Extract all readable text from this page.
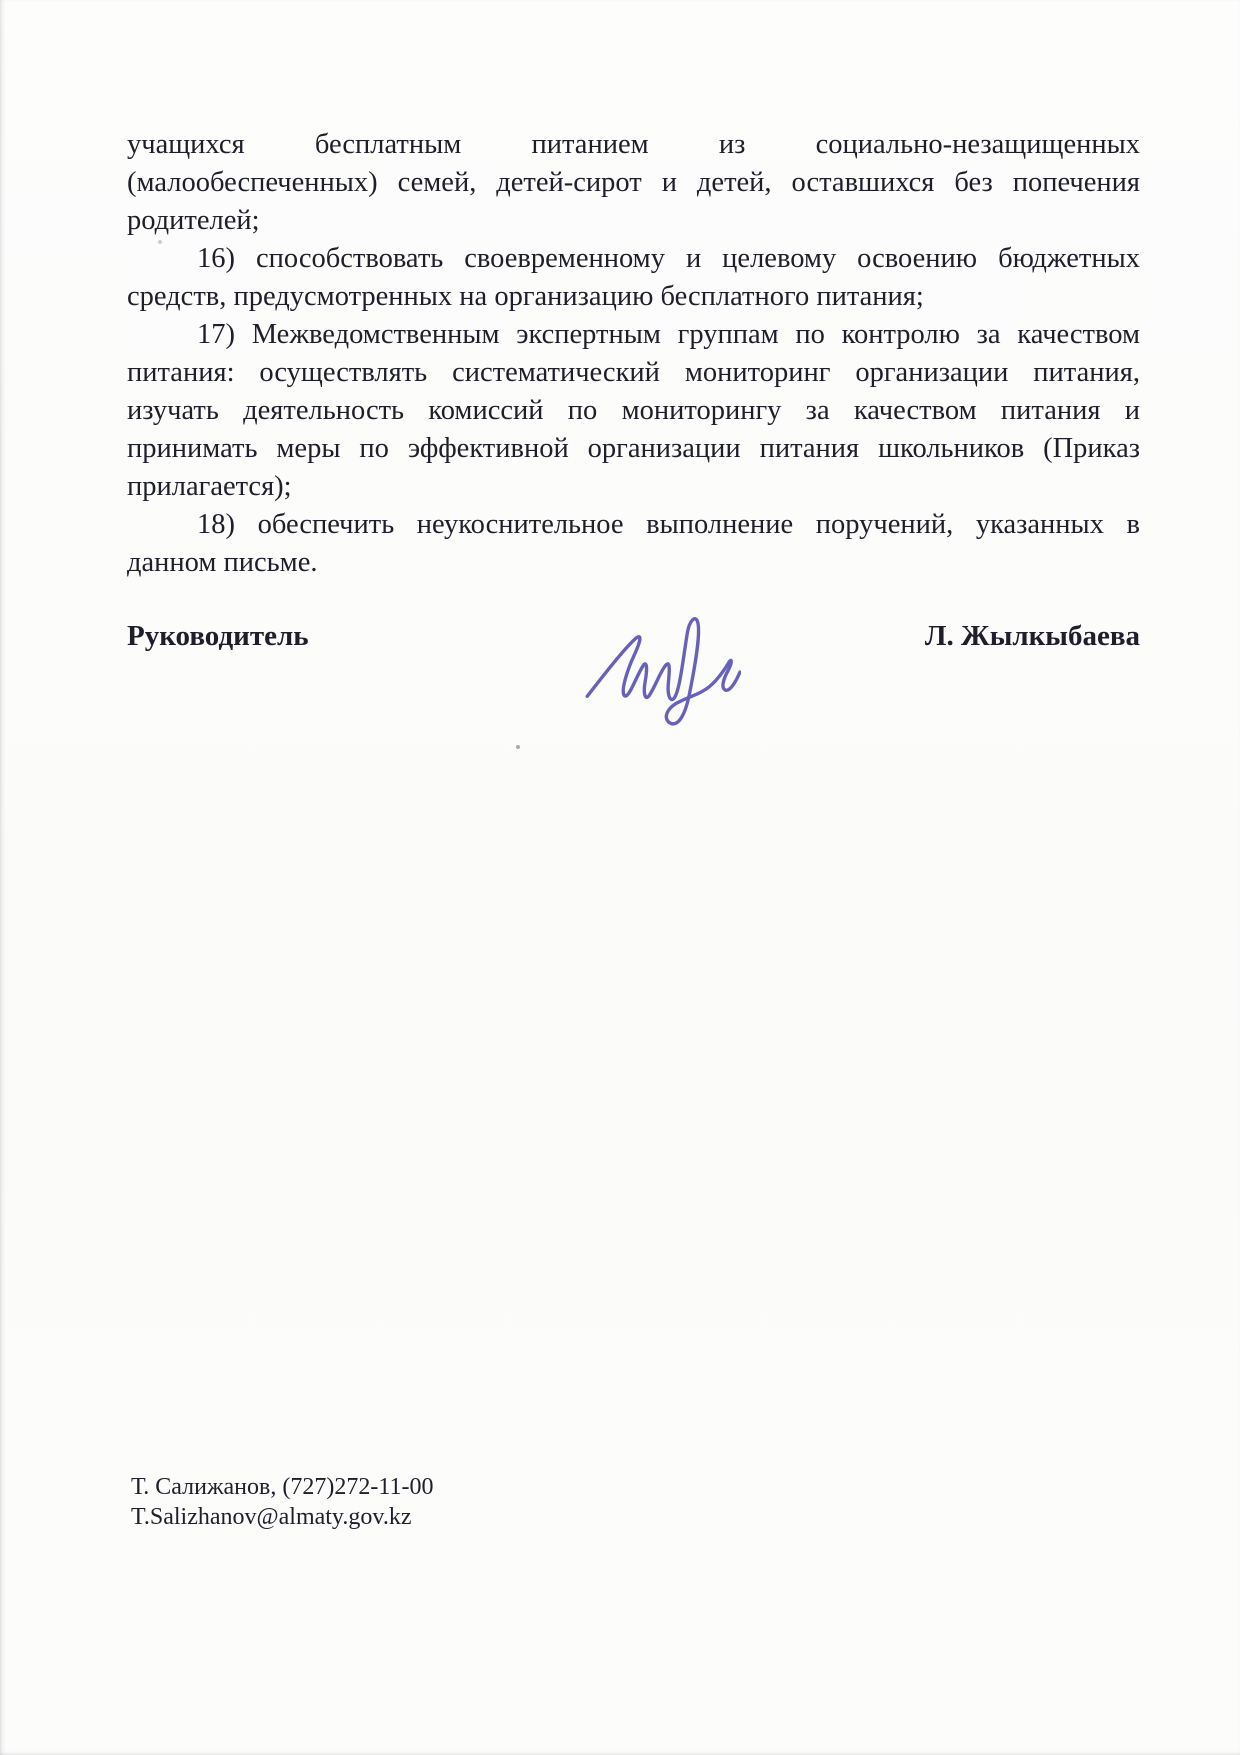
учащихся бесплатным питанием из социально-незащищенных (малообеспеченных) семей, детей-сирот и детей, оставшихся без попечения родителей;

16) способствовать своевременному и целевому освоению бюджетных средств, предусмотренных на организацию бесплатного питания;

17) Межведомственным экспертным группам по контролю за качеством питания: осуществлять систематический мониторинг организации питания, изучать деятельность комиссий по мониторингу за качеством питания и принимать меры по эффективной организации питания школьников (Приказ прилагается);

18) обеспечить неукоснительное выполнение поручений, указанных в данном письме.

Руководитель	Л. Жылкыбаева
Т. Салижанов, (727)272-11-00
T.Salizhanov@almaty.gov.kz
